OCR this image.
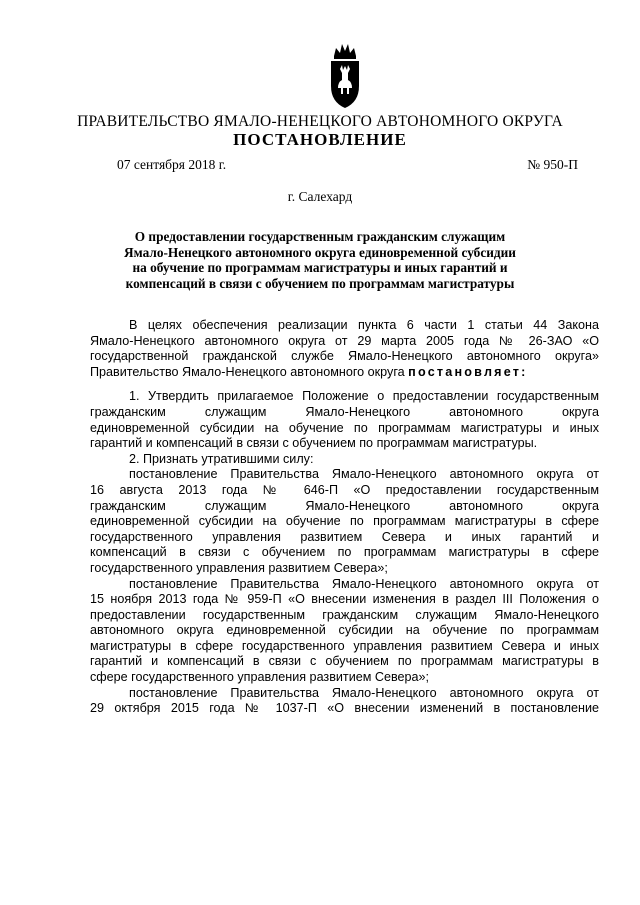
ПРАВИТЕЛЬСТВО ЯМАЛО-НЕНЕЦКОГО АВТОНОМНОГО ОКРУГА
ПОСТАНОВЛЕНИЕ
07 сентября 2018 г.	№ 950-П
г. Салехард
О предоставлении государственным гражданским служащим
Ямало-Ненецкого автономного округа единовременной субсидии
на обучение по программам магистратуры и иных гарантий и
компенсаций в связи с обучением по программам магистратуры

В целях обеспечения реализации пункта 6 части 1 статьи 44 Закона

Ямало-Ненецкого автономного округа от 29 марта 2005 года № 26-ЗАО «О

государственной гражданской службе Ямало-Ненецкого автономного округа»

Правительство Ямало-Ненецкого автономного округа постановляет:

1. Утвердить прилагаемое Положение о предоставлении государственным

гражданским служащим Ямало-Ненецкого автономного округа

единовременной субсидии на обучение по программам магистратуры и иных

гарантий и компенсаций в связи с обучением по программам магистратуры.

2. Признать утратившими силу:

постановление Правительства Ямало-Ненецкого автономного округа от

16 августа 2013 года № 646-П «О предоставлении государственным

гражданским служащим Ямало-Ненецкого автономного округа

единовременной субсидии на обучение по программам магистратуры в сфере

государственного управления развитием Севера и иных гарантий и

компенсаций в связи с обучением по программам магистратуры в сфере

государственного управления развитием Севера»;

постановление Правительства Ямало-Ненецкого автономного округа от

15 ноября 2013 года № 959-П «О внесении изменения в раздел III Положения о

предоставлении государственным гражданским служащим Ямало-Ненецкого

автономного округа единовременной субсидии на обучение по программам

магистратуры в сфере государственного управления развитием Севера и иных

гарантий и компенсаций в связи с обучением по программам магистратуры в

сфере государственного управления развитием Севера»;

постановление Правительства Ямало-Ненецкого автономного округа от

29 октября 2015 года № 1037-П «О внесении изменений в постановление
